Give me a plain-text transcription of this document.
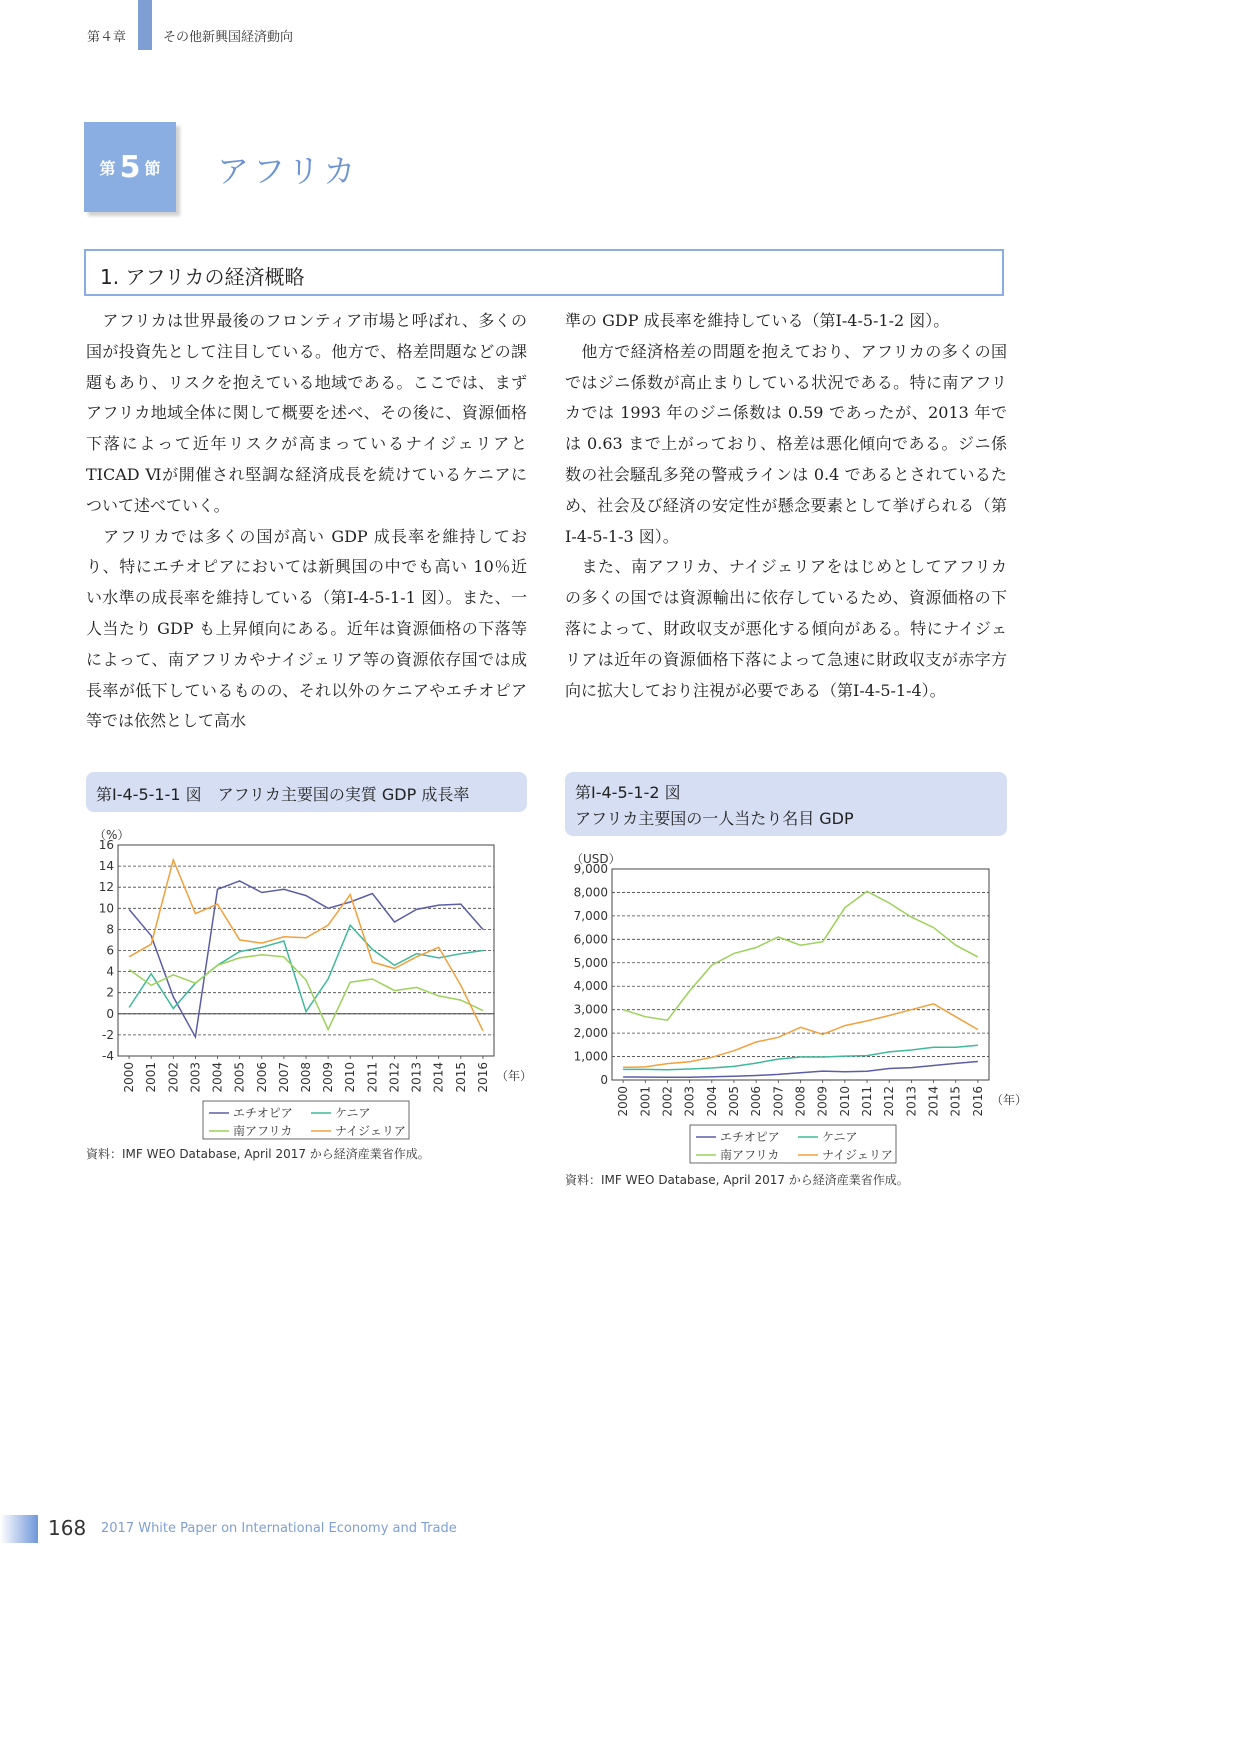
第４章	その他新興国経済動向
第 5 節 アフリカ
1. アフリカの経済概略

　アフリカは世界最後のフロンティア市場と呼ばれ、多くの国が投資先として注目している。他方で、格差問題などの課題もあり、リスクを抱えている地域である。ここでは、まずアフリカ地域全体に関して概要を述べ、その後に、資源価格下落によって近年リスクが高まっているナイジェリアと TICAD Ⅵが開催され堅調な経済成長を続けているケニアについて述べていく。

　アフリカでは多くの国が高い GDP 成長率を維持しており、特にエチオピアにおいては新興国の中でも高い 10％近い水準の成長率を維持している（第Ⅰ-4-5-1-1 図）。また、一人当たり GDP も上昇傾向にある。近年は資源価格の下落等によって、南アフリカやナイジェリア等の資源依存国では成長率が低下しているものの、それ以外のケニアやエチオピア等では依然として高水

準の GDP 成長率を維持している（第Ⅰ-4-5-1-2 図）。

　他方で経済格差の問題を抱えており、アフリカの多くの国ではジニ係数が高止まりしている状況である。特に南アフリカでは 1993 年のジニ係数は 0.59 であったが、2013 年では 0.63 まで上がっており、格差は悪化傾向である。ジニ係数の社会騒乱多発の警戒ラインは 0.4 であるとされているため、社会及び経済の安定性が懸念要素として挙げられる（第Ⅰ-4-5-1-3 図）。

　また、南アフリカ、ナイジェリアをはじめとしてアフリカの多くの国では資源輸出に依存しているため、資源価格の下落によって、財政収支が悪化する傾向がある。特にナイジェリアは近年の資源価格下落によって急速に財政収支が赤字方向に拡大しており注視が必要である（第Ⅰ-4-5-1-4）。

第Ⅰ-4-5-1-1 図　アフリカ主要国の実質 GDP 成長率
（%）
-4
-2
0
2
4
6
8
10
12
14
16
2000 2001 2002 2003 2004 2005 2006 2007 2008 2009 2010 2011 2012 2013 2014 2015 2016 （年）
エチオピア	ケニア
南アフリカ	ナイジェリア
資料：IMF WEO Database, April 2017 から経済産業省作成。
第Ⅰ-4-5-1-2 図
アフリカ主要国の一人当たり名目 GDP
（USD）
0
1,000
2,000
3,000
4,000
5,000
6,000
7,000
8,000
9,000
2000 2001 2002 2003 2004 2005 2006 2007 2008 2009 2010 2011 2012 2013 2014 2015 2016 （年）
エチオピア	ケニア
南アフリカ	ナイジェリア
資料：IMF WEO Database, April 2017 から経済産業省作成。
168 2017 White Paper on International Economy and Trade
